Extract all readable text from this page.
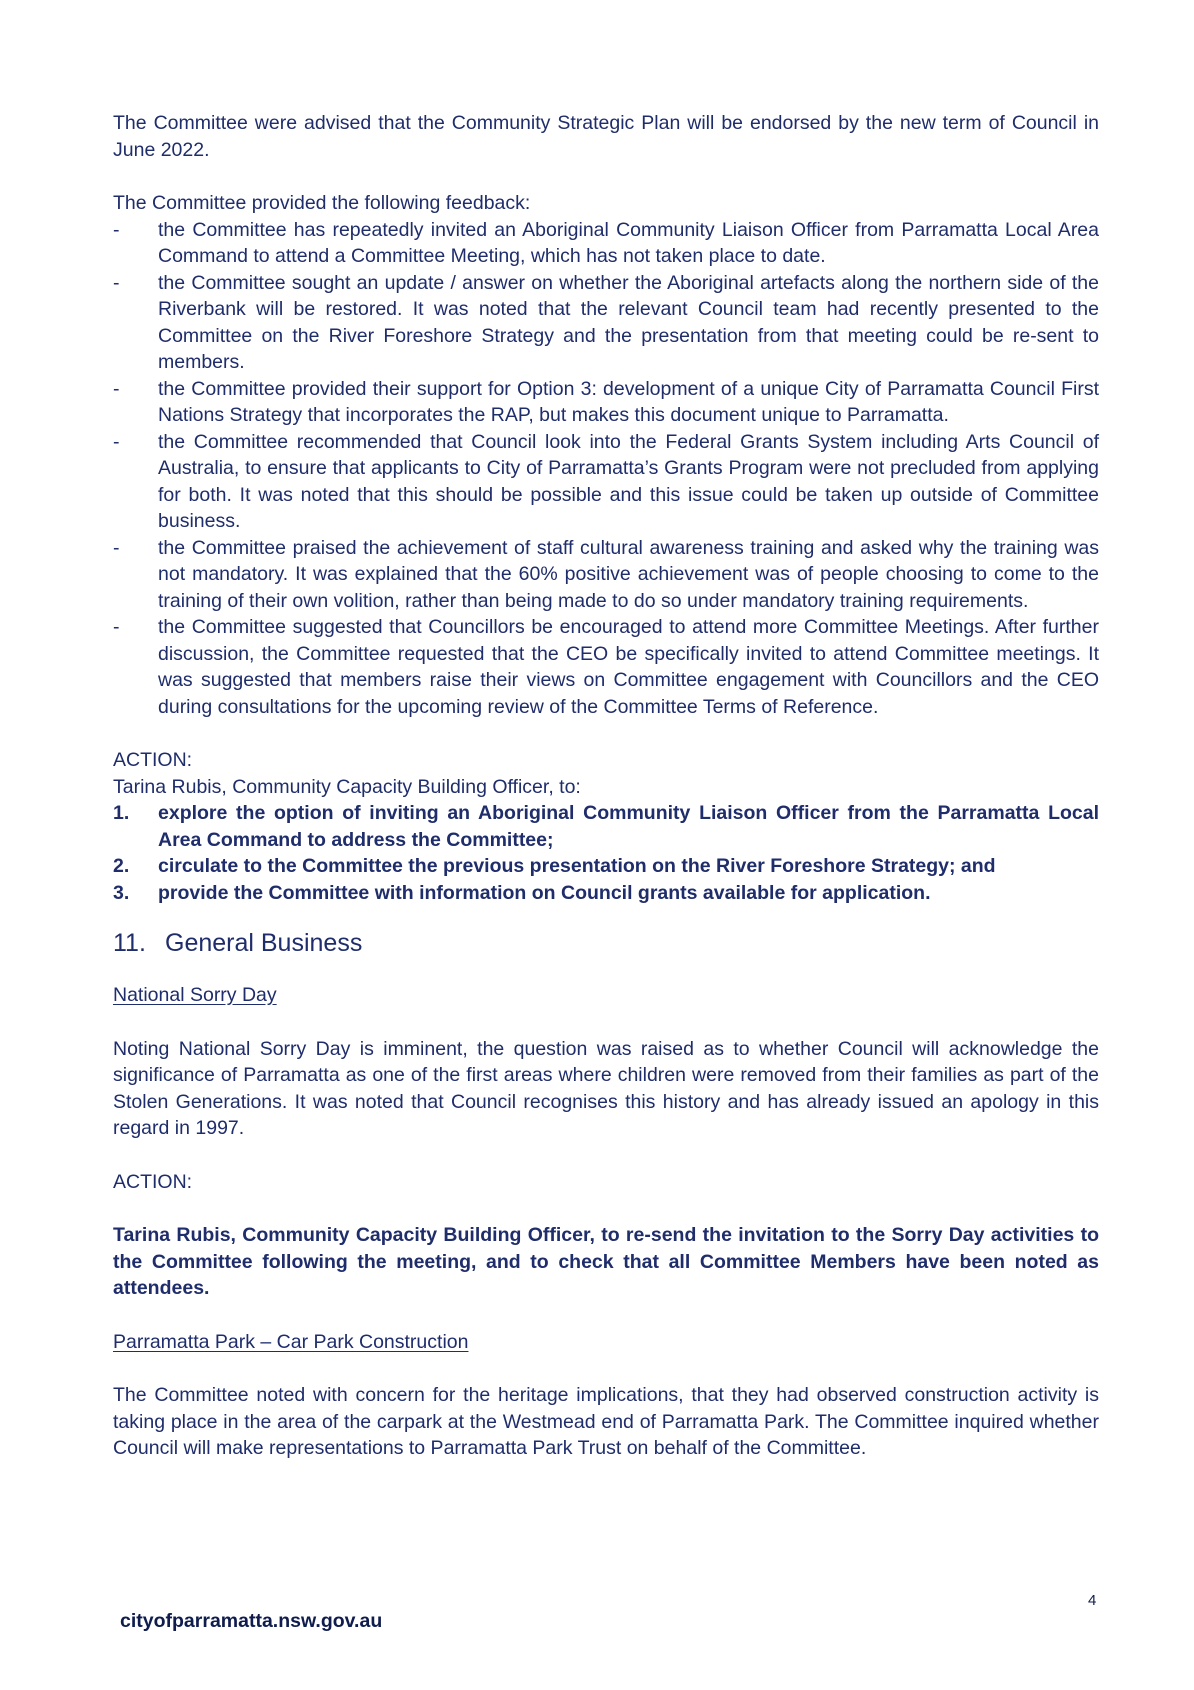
The Committee were advised that the Community Strategic Plan will be endorsed by the new term of Council in June 2022.

The Committee provided the following feedback:

- the Committee has repeatedly invited an Aboriginal Community Liaison Officer from Parramatta Local Area Command to attend a Committee Meeting, which has not taken place to date.
- the Committee sought an update / answer on whether the Aboriginal artefacts along the northern side of the Riverbank will be restored. It was noted that the relevant Council team had recently presented to the Committee on the River Foreshore Strategy and the presentation from that meeting could be re-sent to members.
- the Committee provided their support for Option 3: development of a unique City of Parramatta Council First Nations Strategy that incorporates the RAP, but makes this document unique to Parramatta.
- the Committee recommended that Council look into the Federal Grants System including Arts Council of Australia, to ensure that applicants to City of Parramatta’s Grants Program were not precluded from applying for both. It was noted that this should be possible and this issue could be taken up outside of Committee business.
- the Committee praised the achievement of staff cultural awareness training and asked why the training was not mandatory. It was explained that the 60% positive achievement was of people choosing to come to the training of their own volition, rather than being made to do so under mandatory training requirements.
- the Committee suggested that Councillors be encouraged to attend more Committee Meetings. After further discussion, the Committee requested that the CEO be specifically invited to attend Committee meetings. It was suggested that members raise their views on Committee engagement with Councillors and the CEO during consultations for the upcoming review of the Committee Terms of Reference.

ACTION:

Tarina Rubis, Community Capacity Building Officer, to:

1. explore the option of inviting an Aboriginal Community Liaison Officer from the Parramatta Local Area Command to address the Committee;
2. circulate to the Committee the previous presentation on the River Foreshore Strategy; and
3. provide the Committee with information on Council grants available for application.
11. General Business

National Sorry Day

Noting National Sorry Day is imminent, the question was raised as to whether Council will acknowledge the significance of Parramatta as one of the first areas where children were removed from their families as part of the Stolen Generations. It was noted that Council recognises this history and has already issued an apology in this regard in 1997.

ACTION:

Tarina Rubis, Community Capacity Building Officer, to re-send the invitation to the Sorry Day activities to the Committee following the meeting, and to check that all Committee Members have been noted as attendees.

Parramatta Park – Car Park Construction

The Committee noted with concern for the heritage implications, that they had observed construction activity is taking place in the area of the carpark at the Westmead end of Parramatta Park. The Committee inquired whether Council will make representations to Parramatta Park Trust on behalf of the Committee.

4
cityofparramatta.nsw.gov.au
